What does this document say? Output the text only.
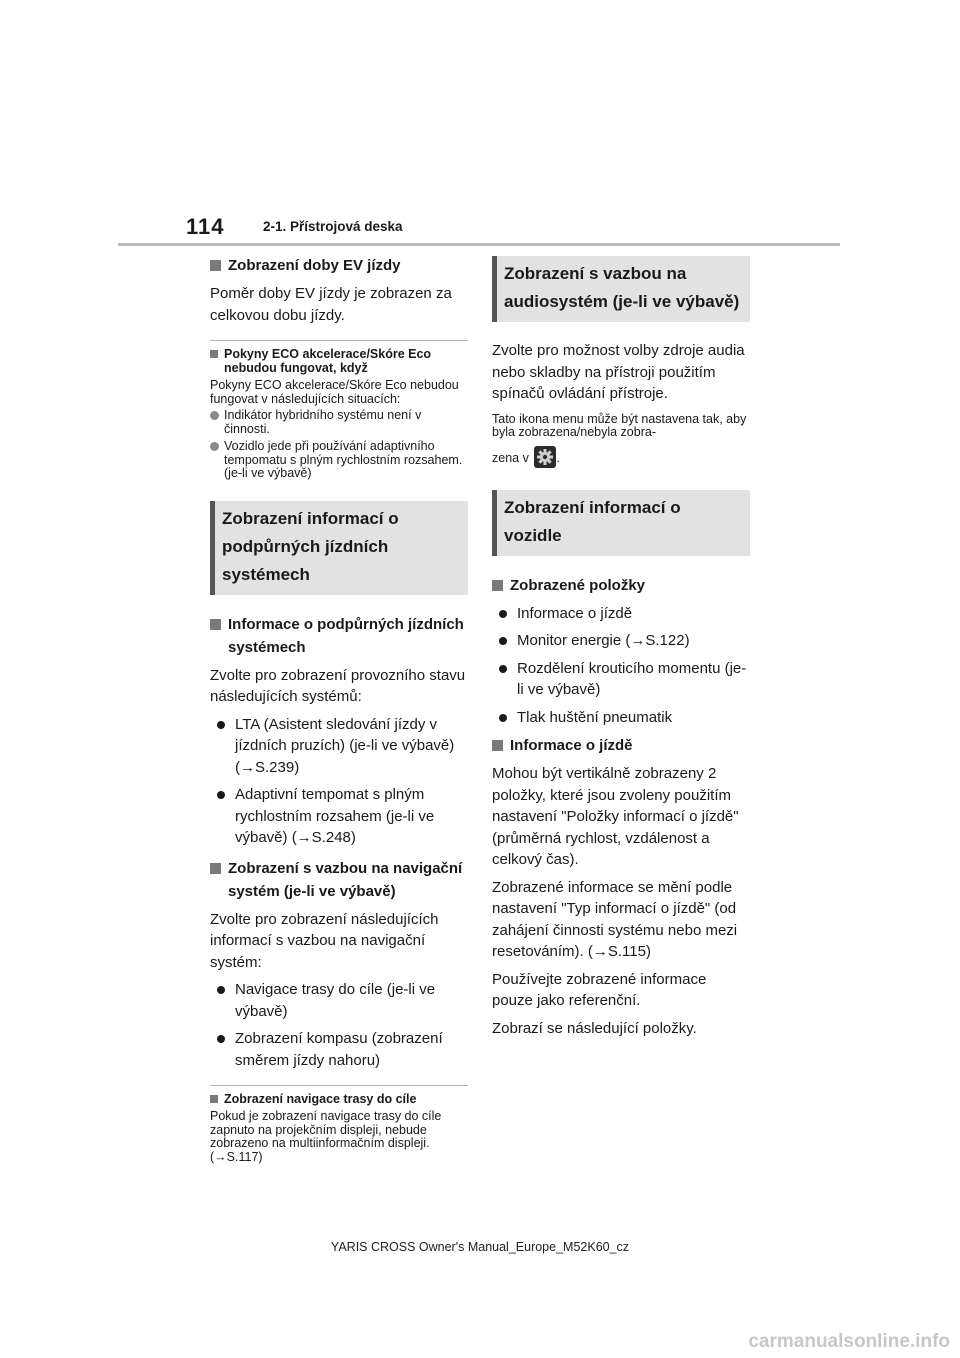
114	2-1. Přístrojová deska
Zobrazení doby EV jízdy
Poměr doby EV jízdy je zobrazen za celkovou dobu jízdy.
Pokyny ECO akcelerace/Skóre Eco nebudou fungovat, když
Pokyny ECO akcelerace/Skóre Eco nebudou fungovat v následujících situacích:
Indikátor hybridního systému není v činnosti.
Vozidlo jede při používání adaptivního tempomatu s plným rychlostním rozsahem. (je-li ve výbavě)
Zobrazení informací o podpůrných jízdních systémech
Informace o podpůrných jízdních systémech
Zvolte pro zobrazení provozního stavu následujících systémů:
LTA (Asistent sledování jízdy v jízdních pruzích) (je-li ve výbavě) (→S.239)
Adaptivní tempomat s plným rychlostním rozsahem (je-li ve výbavě) (→S.248)
Zobrazení s vazbou na navigační systém (je-li ve výbavě)
Zvolte pro zobrazení následujících informací s vazbou na navigační systém:
Navigace trasy do cíle (je-li ve výbavě)
Zobrazení kompasu (zobrazení směrem jízdy nahoru)
Zobrazení navigace trasy do cíle
Pokud je zobrazení navigace trasy do cíle zapnuto na projekčním displeji, nebude zobrazeno na multiinformačním displeji. (→S.117)
Zobrazení s vazbou na audiosystém (je-li ve výbavě)
Zvolte pro možnost volby zdroje audia nebo skladby na přístroji použitím spínačů ovládání přístroje.
Tato ikona menu může být nastavena tak, aby byla zobrazena/nebyla zobra-
zena v .
Zobrazení informací o vozidle
Zobrazené položky
Informace o jízdě
Monitor energie (→S.122)
Rozdělení krouticího momentu (je-li ve výbavě)
Tlak huštění pneumatik
Informace o jízdě
Mohou být vertikálně zobrazeny 2 položky, které jsou zvoleny použitím nastavení "Položky informací o jízdě" (průměrná rychlost, vzdálenost a celkový čas).
Zobrazené informace se mění podle nastavení "Typ informací o jízdě" (od zahájení činnosti systému nebo mezi resetováním). (→S.115)
Používejte zobrazené informace pouze jako referenční.
Zobrazí se následující položky.
YARIS CROSS Owner's Manual_Europe_M52K60_cz
carmanualsonline.info
